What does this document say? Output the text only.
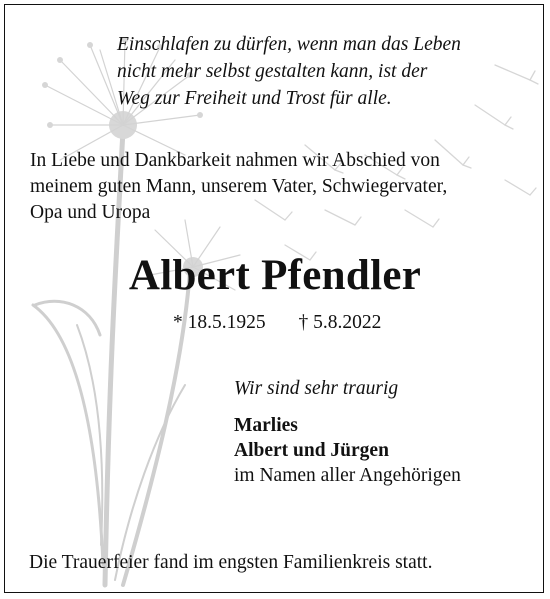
Einschlafen zu dürfen, wenn man das Leben
nicht mehr selbst gestalten kann, ist der
Weg zur Freiheit und Trost für alle.
In Liebe und Dankbarkeit nahmen wir Abschied von
meinem guten Mann, unserem Vater, Schwiegervater,
Opa und Uropa
Albert Pfendler
* 18.5.1925 † 5.8.2022
Wir sind sehr traurig
Marlies
Albert und Jürgen
im Namen aller Angehörigen
Die Trauerfeier fand im engsten Familienkreis statt.
